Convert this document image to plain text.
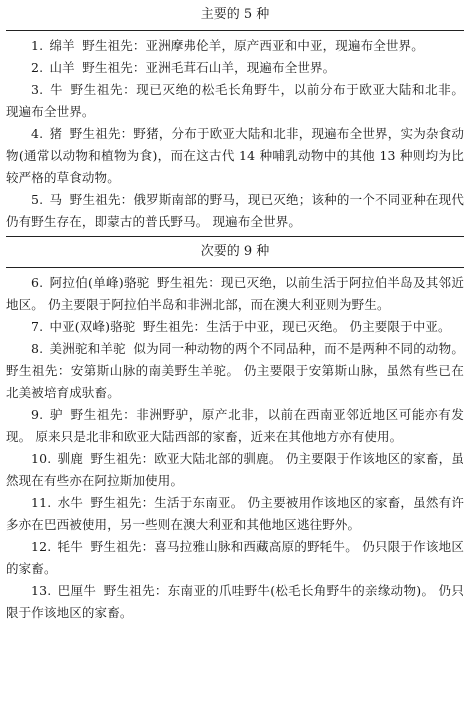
主要的 5 种

1. 绵羊 野生祖先：亚洲摩弗伦羊，原产西亚和中亚，现遍布全世界。

2. 山羊 野生祖先：亚洲毛茸石山羊，现遍布全世界。

3. 牛 野生祖先：现已灭绝的松毛长角野牛，以前分布于欧亚大陆和北非。 现遍布全世界。

4. 猪 野生祖先：野猪，分布于欧亚大陆和北非，现遍布全世界，实为杂食动物(通常以动物和植物为食)，而在这古代 14 种哺乳动物中的其他 13 种则均为比较严格的草食动物。

5. 马 野生祖先：俄罗斯南部的野马，现已灭绝；该种的一个不同亚种在现代仍有野生存在，即蒙古的普氏野马。 现遍布全世界。

次要的 9 种

6. 阿拉伯(单峰)骆驼 野生祖先：现已灭绝，以前生活于阿拉伯半岛及其邻近地区。 仍主要限于阿拉伯半岛和非洲北部，而在澳大利亚则为野生。

7. 中亚(双峰)骆驼 野生祖先：生活于中亚，现已灭绝。 仍主要限于中亚。

8. 美洲驼和羊驼 似为同一种动物的两个不同品种，而不是两种不同的动物。 野生祖先：安第斯山脉的南美野生羊驼。 仍主要限于安第斯山脉，虽然有些已在北美被培育成驮畜。

9. 驴 野生祖先：非洲野驴，原产北非，以前在西南亚邻近地区可能亦有发现。 原来只是北非和欧亚大陆西部的家畜，近来在其他地方亦有使用。

10. 驯鹿 野生祖先：欧亚大陆北部的驯鹿。 仍主要限于作该地区的家畜，虽然现在有些亦在阿拉斯加使用。

11. 水牛 野生祖先：生活于东南亚。 仍主要被用作该地区的家畜，虽然有许多亦在巴西被使用，另一些则在澳大利亚和其他地区逃往野外。

12. 牦牛 野生祖先：喜马拉雅山脉和西藏高原的野牦牛。 仍只限于作该地区的家畜。

13. 巴厘牛 野生祖先：东南亚的爪哇野牛(松毛长角野牛的亲缘动物)。 仍只限于作该地区的家畜。
